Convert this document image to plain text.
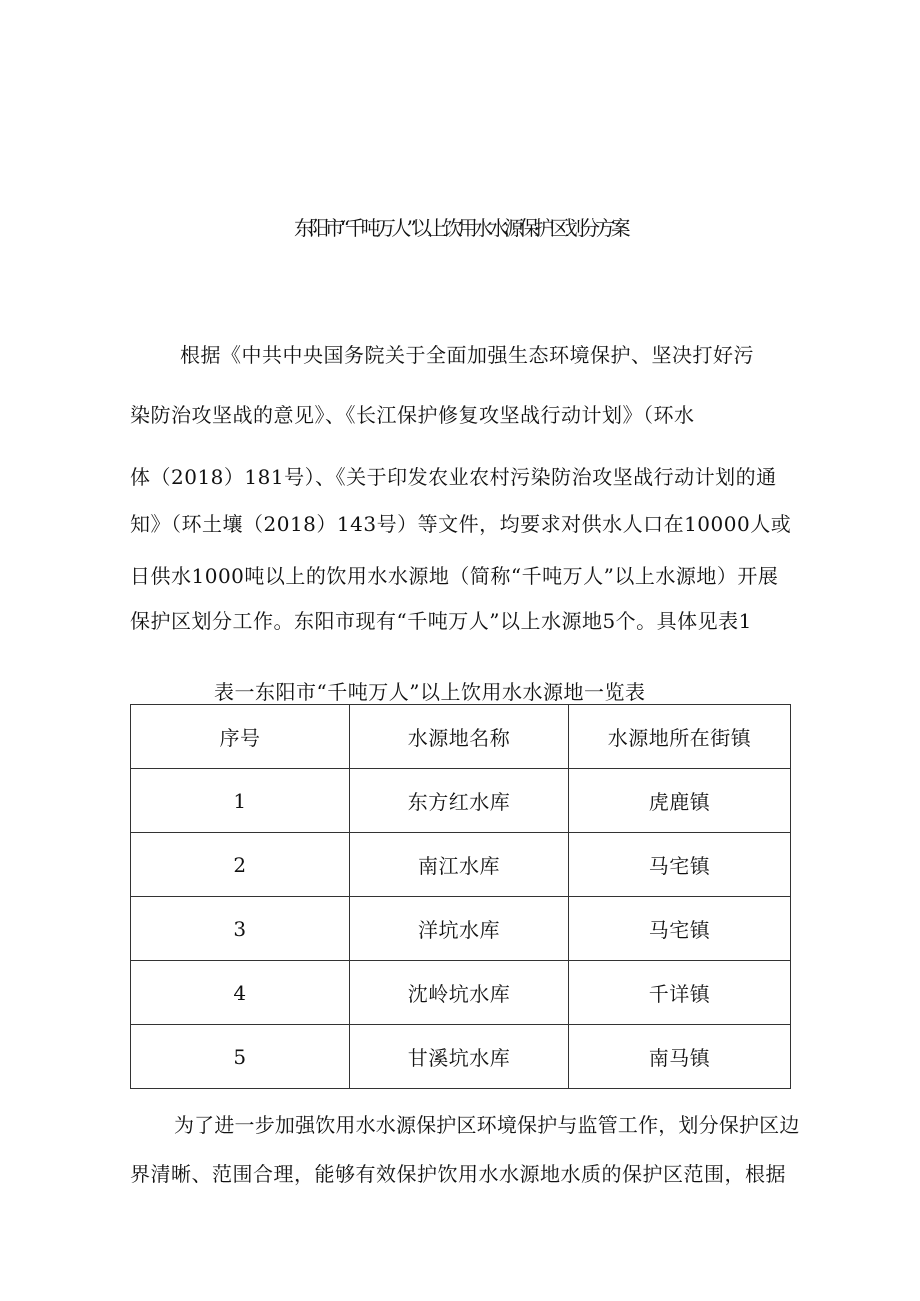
东阳市“千吨万人”以上饮用水水源保护区划分方案
根据《中共中央国务院关于全面加强生态环境保护、坚决打好污
染防治攻坚战的意见》、《长江保护修复攻坚战行动计划》（环水
体（2018）181号）、《关于印发农业农村污染防治攻坚战行动计划的通
知》（环土壤（2018）143号）等文件，均要求对供水人口在10000人或
日供水1000吨以上的饮用水水源地（简称“千吨万人”以上水源地）开展
保护区划分工作。东阳市现有“千吨万人”以上水源地5个。具体见表1
表一东阳市“千吨万人”以上饮用水水源地一览表
序号	水源地名称	水源地所在街镇
1	东方红水库	虎鹿镇
2	南江水库	马宅镇
3	洋坑水库	马宅镇
4	沈岭坑水库	千详镇
5	甘溪坑水库	南马镇
为了进一步加强饮用水水源保护区环境保护与监管工作，划分保护区边
界清晰、范围合理，能够有效保护饮用水水源地水质的保护区范围，根据
